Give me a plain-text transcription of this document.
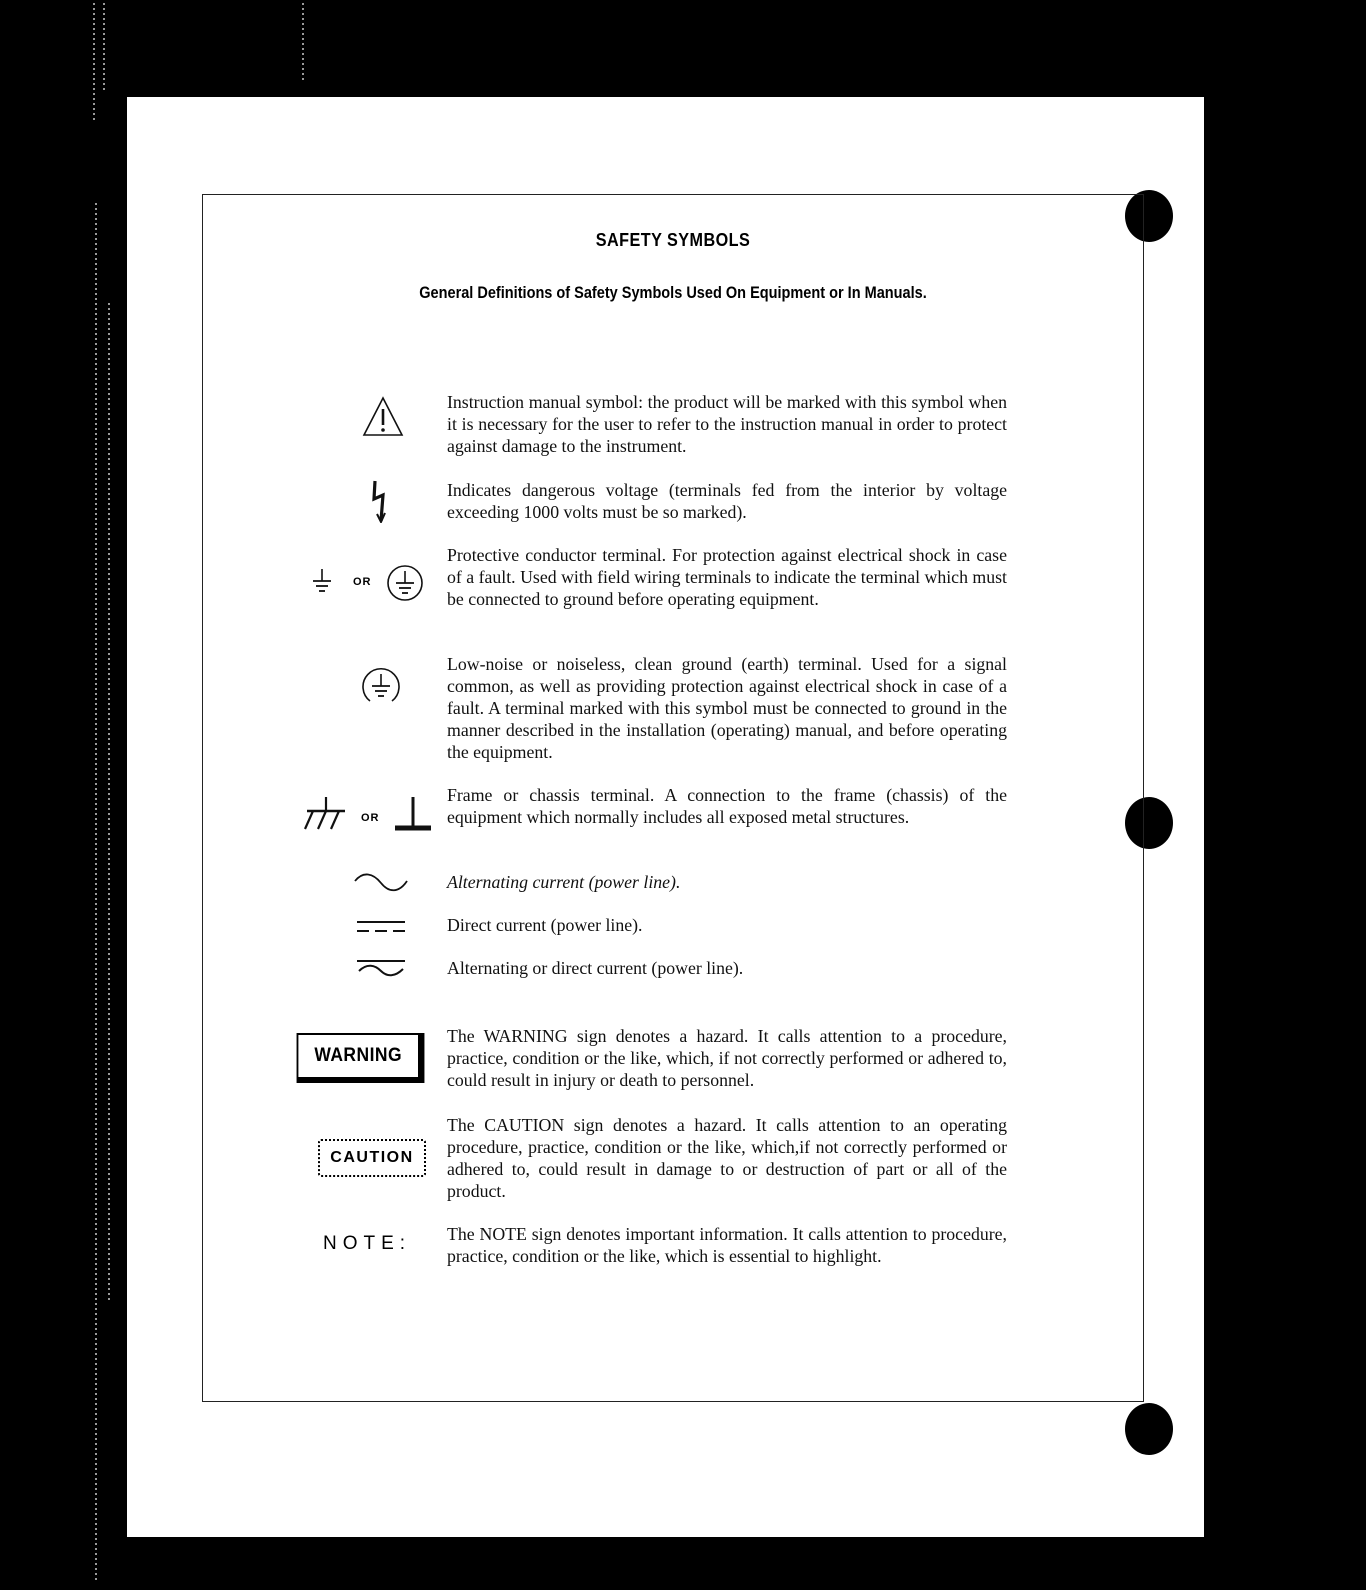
SAFETY SYMBOLS
General Definitions of Safety Symbols Used On Equipment or In Manuals.
Instruction manual symbol: the product will be marked with this symbol when it is necessary for the user to refer to the instruction manual in order to protect against damage to the instrument.
Indicates dangerous voltage (terminals fed from the interior by voltage exceeding 1000 volts must be so marked).
OR
Protective conductor terminal. For protection against electrical shock in case of a fault. Used with field wiring terminals to indicate the terminal which must be connected to ground before operating equipment.
Low-noise or noiseless, clean ground (earth) terminal. Used for a signal common, as well as providing protection against electrical shock in case of a fault. A terminal marked with this symbol must be connected to ground in the manner described in the installation (operating) manual, and before operating the equipment.
OR
Frame or chassis terminal. A connection to the frame (chassis) of the equipment which normally includes all exposed metal structures.
Alternating current (power line).
Direct current (power line).
Alternating or direct current (power line).
WARNING
The WARNING sign denotes a hazard. It calls attention to a procedure, practice, condition or the like, which, if not correctly performed or adhered to, could result in injury or death to personnel.
CAUTION
The CAUTION sign denotes a hazard. It calls attention to an operating procedure, practice, condition or the like, which,if not correctly performed or adhered to, could result in damage to or destruction of part or all of the product.
NOTE: The NOTE sign denotes important information. It calls attention to procedure, practice, condition or the like, which is essential to highlight.
